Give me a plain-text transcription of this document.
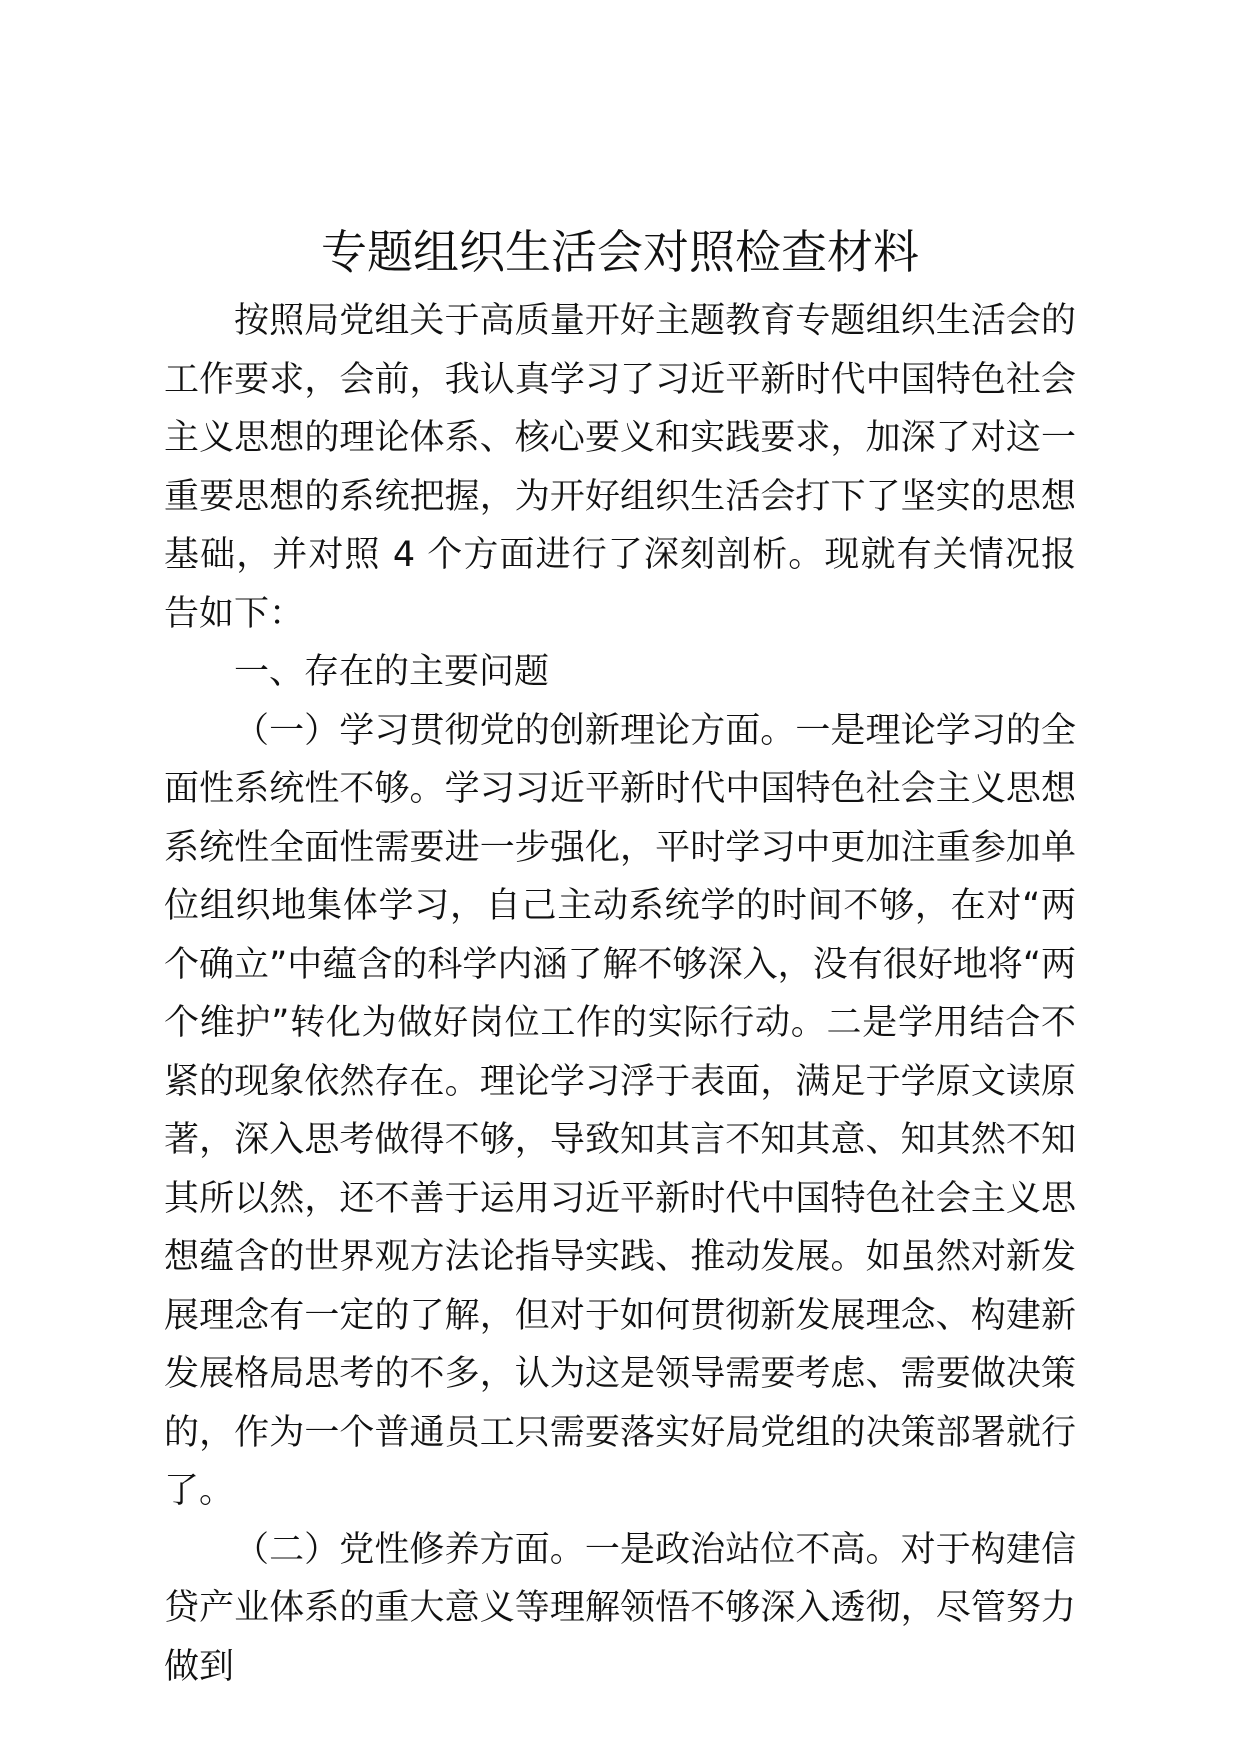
专题组织生活会对照检查材料

按照局党组关于高质量开好主题教育专题组织生活会的工作要求，会前，我认真学习了习近平新时代中国特色社会主义思想的理论体系、核心要义和实践要求，加深了对这一重要思想的系统把握，为开好组织生活会打下了坚实的思想基础，并对照 4 个方面进行了深刻剖析。现就有关情况报告如下：

一、存在的主要问题

（一）学习贯彻党的创新理论方面。一是理论学习的全面性系统性不够。学习习近平新时代中国特色社会主义思想系统性全面性需要进一步强化，平时学习中更加注重参加单位组织地集体学习，自己主动系统学的时间不够，在对“两个确立”中蕴含的科学内涵了解不够深入，没有很好地将“两个维护”转化为做好岗位工作的实际行动。二是学用结合不紧的现象依然存在。理论学习浮于表面，满足于学原文读原著，深入思考做得不够，导致知其言不知其意、知其然不知其所以然，还不善于运用习近平新时代中国特色社会主义思想蕴含的世界观方法论指导实践、推动发展。如虽然对新发展理念有一定的了解，但对于如何贯彻新发展理念、构建新发展格局思考的不多，认为这是领导需要考虑、需要做决策的，作为一个普通员工只需要落实好局党组的决策部署就行了。

（二）党性修养方面。一是政治站位不高。对于构建信贷产业体系的重大意义等理解领悟不够深入透彻，尽管努力做到
